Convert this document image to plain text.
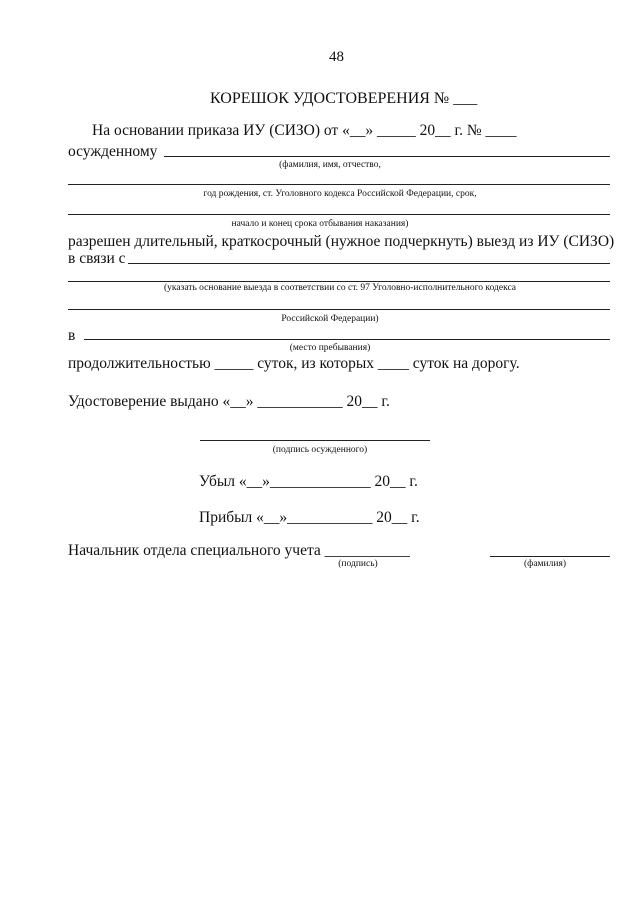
48
КОРЕШОК УДОСТОВЕРЕНИЯ № ___
На основании приказа ИУ (СИЗО) от «__» _____ 20__ г. № ____
осужденному
(фамилия, имя, отчество,
год рождения, ст. Уголовного кодекса Российской Федерации, срок,
начало и конец срока отбывания наказания)
разрешен длительный, краткосрочный (нужное подчеркнуть) выезд из ИУ (СИЗО)
в связи с
(указать основание выезда в соответствии со ст. 97 Уголовно-исполнительного кодекса
Российской Федерации)
в
(место пребывания)
продолжительностью _____ суток, из которых ____ суток на дорогу.
Удостоверение выдано «__» ___________ 20__ г.
(подпись осужденного)
Убыл «__»_____________ 20__ г.
Прибыл «__»___________ 20__ г.
Начальник отдела специального учета ___________
(подпись)	(фамилия)
